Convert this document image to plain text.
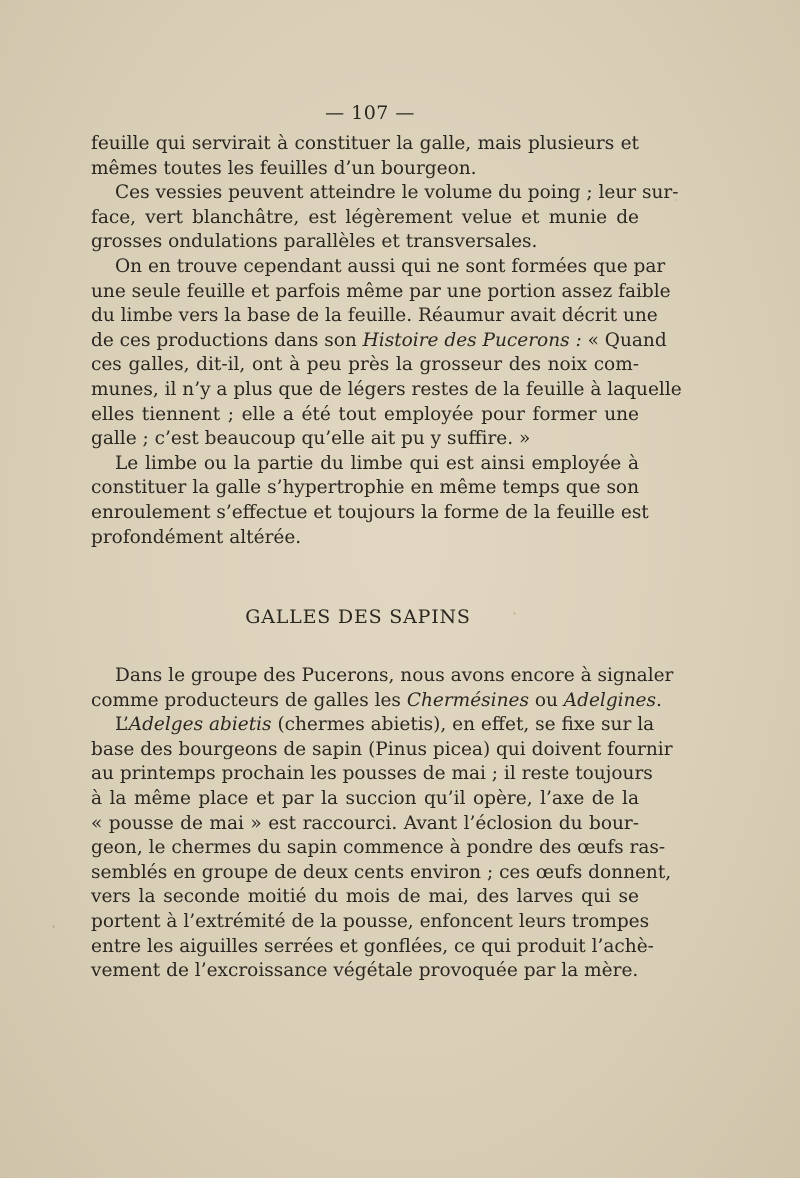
— 107 —
feuille qui servirait à constituer la galle, mais plusieurs et
mêmes toutes les feuilles d’un bourgeon.
Ces vessies peuvent atteindre le volume du poing ; leur sur-
face, vert blanchâtre, est légèrement velue et munie de
grosses ondulations parallèles et transversales.
On en trouve cependant aussi qui ne sont formées que par
une seule feuille et parfois même par une portion assez faible
du limbe vers la base de la feuille. Réaumur avait décrit une
de ces productions dans son Histoire des Pucerons : « Quand
ces galles, dit-il, ont à peu près la grosseur des noix com-
munes, il n’y a plus que de légers restes de la feuille à laquelle
elles tiennent ; elle a été tout employée pour former une
galle ; c’est beaucoup qu’elle ait pu y suffire. »
Le limbe ou la partie du limbe qui est ainsi employée à
constituer la galle s’hypertrophie en même temps que son
enroulement s’effectue et toujours la forme de la feuille est
profondément altérée.
GALLES DES SAPINS
Dans le groupe des Pucerons, nous avons encore à signaler
comme producteurs de galles les Chermésines ou Adelgines.
L’Adelges abietis (chermes abietis), en effet, se fixe sur la
base des bourgeons de sapin (Pinus picea) qui doivent fournir
au printemps prochain les pousses de mai ; il reste toujours
à la même place et par la succion qu’il opère, l’axe de la
« pousse de mai » est raccourci. Avant l’éclosion du bour-
geon, le chermes du sapin commence à pondre des œufs ras-
semblés en groupe de deux cents environ ; ces œufs donnent,
vers la seconde moitié du mois de mai, des larves qui se
portent à l’extrémité de la pousse, enfoncent leurs trompes
entre les aiguilles serrées et gonflées, ce qui produit l’achè-
vement de l’excroissance végétale provoquée par la mère.
